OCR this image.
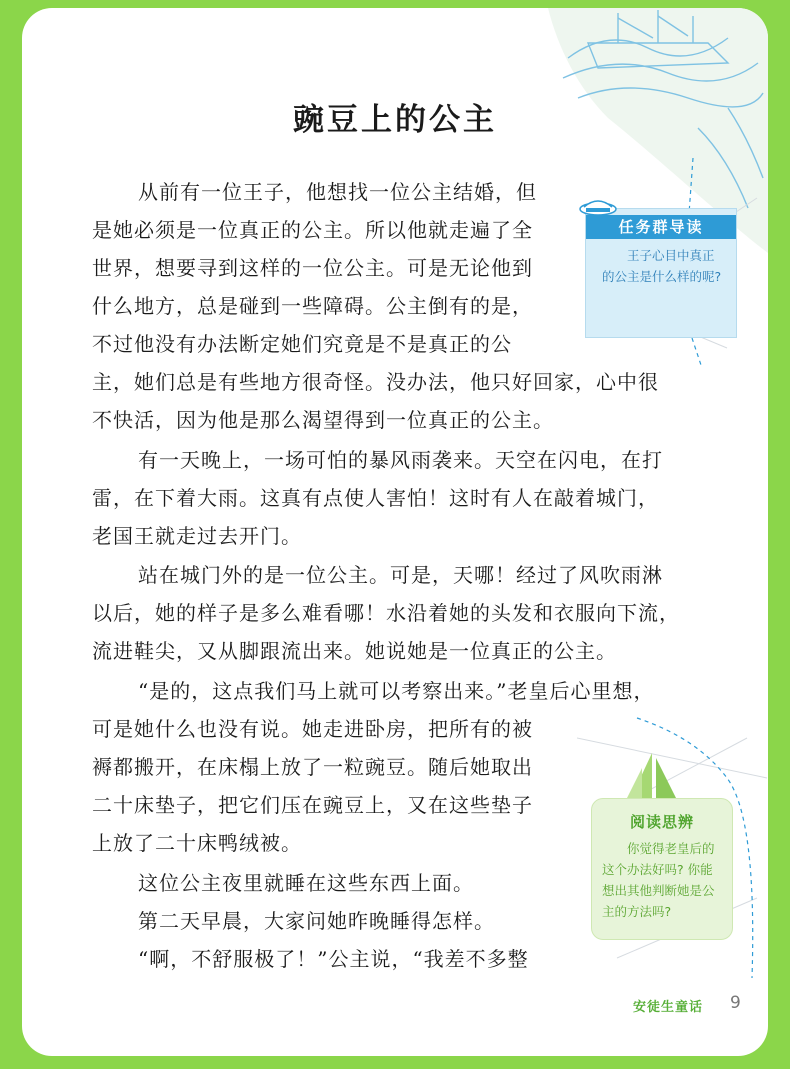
豌豆上的公主
从前有一位王子，他想找一位公主结婚，但
是她必须是一位真正的公主。所以他就走遍了全
世界，想要寻到这样的一位公主。可是无论他到
什么地方，总是碰到一些障碍。公主倒有的是，
不过他没有办法断定她们究竟是不是真正的公
主，她们总是有些地方很奇怪。没办法，他只好回家，心中很
不快活，因为他是那么渴望得到一位真正的公主。
有一天晚上，一场可怕的暴风雨袭来。天空在闪电，在打
雷，在下着大雨。这真有点使人害怕！这时有人在敲着城门，
老国王就走过去开门。
站在城门外的是一位公主。可是，天哪！经过了风吹雨淋
以后，她的样子是多么难看哪！水沿着她的头发和衣服向下流，
流进鞋尖，又从脚跟流出来。她说她是一位真正的公主。
“是的，这点我们马上就可以考察出来。”老皇后心里想，
可是她什么也没有说。她走进卧房，把所有的被
褥都搬开，在床榻上放了一粒豌豆。随后她取出
二十床垫子，把它们压在豌豆上，又在这些垫子
上放了二十床鸭绒被。
这位公主夜里就睡在这些东西上面。
第二天早晨，大家问她昨晚睡得怎样。
“啊，不舒服极了！”公主说，“我差不多整
任务群导读
王子心目中真正的公主是什么样的呢?
阅读思辨
你觉得老皇后的这个办法好吗? 你能想出其他判断她是公主的方法吗?
安徒生童话 9
